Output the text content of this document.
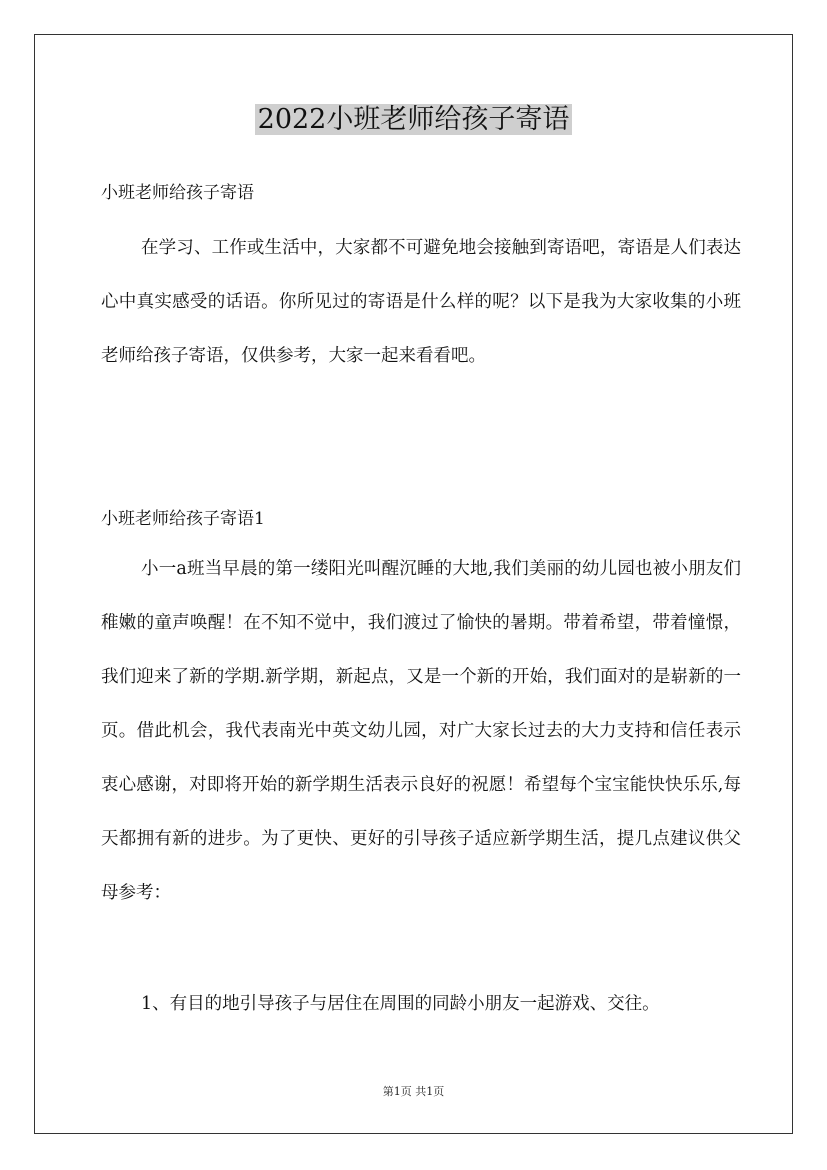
2022小班老师给孩子寄语
小班老师给孩子寄语

在学习、工作或生活中，大家都不可避免地会接触到寄语吧，寄语是人们表达心中真实感受的话语。你所见过的寄语是什么样的呢？以下是我为大家收集的小班老师给孩子寄语，仅供参考，大家一起来看看吧。

小班老师给孩子寄语1

小一a班当早晨的第一缕阳光叫醒沉睡的大地,我们美丽的幼儿园也被小朋友们稚嫩的童声唤醒！在不知不觉中，我们渡过了愉快的暑期。带着希望，带着憧憬，我们迎来了新的学期.新学期，新起点，又是一个新的开始，我们面对的是崭新的一页。借此机会，我代表南光中英文幼儿园，对广大家长过去的大力支持和信任表示衷心感谢，对即将开始的新学期生活表示良好的祝愿！希望每个宝宝能快快乐乐,每天都拥有新的进步。为了更快、更好的引导孩子适应新学期生活，提几点建议供父母参考：

1、有目的地引导孩子与居住在周围的同龄小朋友一起游戏、交往。

第1页 共1页
